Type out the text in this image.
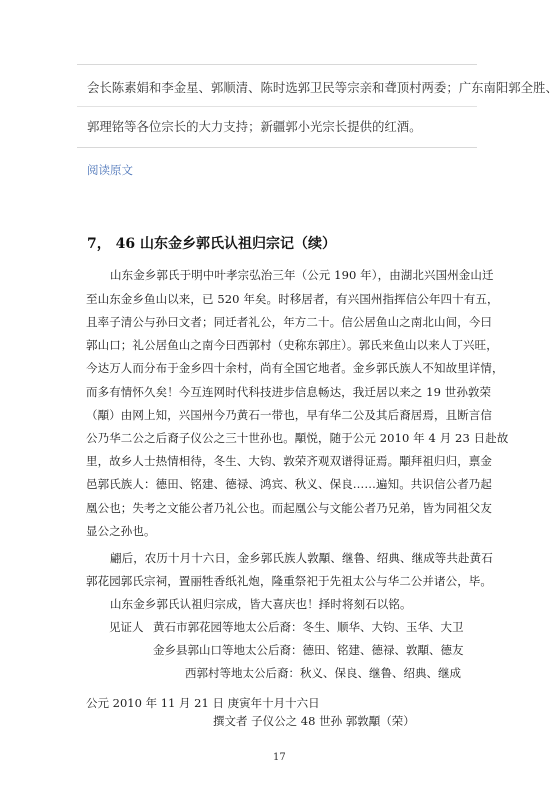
会长陈素娟和李金星、郭顺清、陈时选郭卫民等宗亲和聋顶村两委；广东南阳郭全胜、
郭理铭等各位宗长的大力支持；新疆郭小光宗长提供的红酒。
阅读原文
7， 46 山东金乡郭氏认祖归宗记（续）
山东金乡郭氏于明中叶孝宗弘治三年（公元 190 年），由湖北兴国州金山迁
至山东金乡鱼山以来，已 520 年矣。时移居者，有兴国州指挥信公年四十有五，
且率子清公与孙曰文者；同迁者礼公，年方二十。信公居鱼山之南北山间，今曰
郭山口；礼公居鱼山之南今曰西郭村（史称东郭庄）。郭氏来鱼山以来人丁兴旺，
今达万人而分布于金乡四十余村，尚有全国它地者。金乡郭氏族人不知故里详情，
而多有情怀久矣！今互连网时代科技进步信息畅达，我迁居以来之 19 世孙敦荣
（顒）由网上知，兴国州今乃黄石一带也，早有华二公及其后裔居焉，且断言信
公乃华二公之后裔子仪公之三十世孙也。顒悦，随于公元 2010 年 4 月 23 日赴故
里，故乡人士热情相待，冬生、大钧、敦荣齐观双谱得证焉。顒拜祖归归，禀金
邑郭氏族人：德田、铭建、德禄、鸿宾、秋义、保良……遍知。共识信公者乃起
凰公也；失考之文能公者乃礼公也。而起凰公与文能公者乃兄弟，皆为同祖父友
显公之孙也。
翩后，农历十月十六日，金乡郭氏族人敦顒、继鲁、绍典、继成等共赴黄石
郭花园郭氏宗祠，置丽牲香纸礼炮，隆重祭祀于先祖太公与华二公并诸公，毕。
山东金乡郭氏认祖归宗成，皆大喜庆也！择时将刻石以铭。
见证人 黄石市郭花园等地太公后裔：冬生、顺华、大钧、玉华、大卫
金乡县郭山口等地太公后裔：德田、铭建、德禄、敦顒、德友
西郭村等地太公后裔：秋义、保良、继鲁、绍典、继成
公元 2010 年 11 月 21 日 庚寅年十月十六日
撰文者 子仪公之 48 世孙 郭敦顒（荣）
17
